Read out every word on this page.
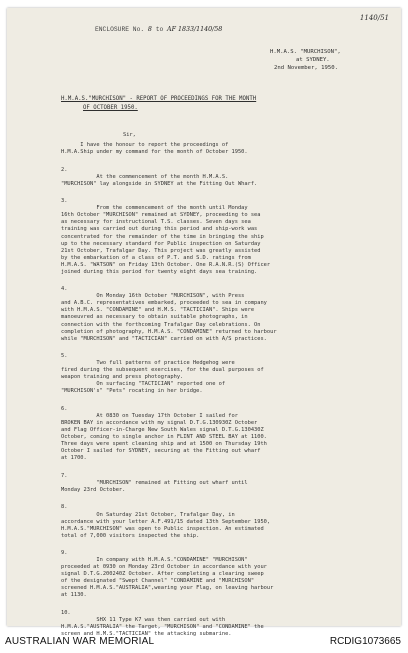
1140/51
ENCLOSURE No. 8 to AF 1833/1140/58
H.M.A.S. "MURCHISON",
at SYDNEY.
2nd November, 1950.
H.M.A.S."MURCHISON" - REPORT OF PROCEEDINGS FOR THE MONTH
OF OCTOBER 1950.
Sir,
I have the honour to report the proceedings of
H.M.A.Ship under my command for the month of October 1950.
2.
At the commencement of the month H.M.A.S.
"MURCHISON" lay alongside in SYDNEY at the Fitting Out Wharf.
3.
From the commencement of the month until Monday
16th October "MURCHISON" remained at SYDNEY, proceeding to sea
as necessary for instructional T.S. classes. Seven days sea
training was carried out during this period and ship-work was
concentrated for the remainder of the time in bringing the ship
up to the necessary standard for Public inspection on Saturday
21st October, Trafalgar Day. This project was greatly assisted
by the embarkation of a class of P.T. and S.D. ratings from
H.M.A.S. "WATSON" on Friday 13th October. One R.A.N.R.(S) Officer
joined during this period for twenty eight days sea training.
4.
On Monday 16th October "MURCHISON", with Press
and A.B.C. representatives embarked, proceeded to sea in company
with H.M.A.S. "CONDAMINE" and H.M.S. "TACTICIAN". Ships were
manoeuvred as necessary to obtain suitable photographs, in
connection with the forthcoming Trafalgar Day celebrations. On
completion of photography, H.M.A.S. "CONDAMINE" returned to harbour
while "MURCHISON" and "TACTICIAN" carried on with A/S practices.
5.
Two full patterns of practice Hedgehog were
fired during the subsequent exercises, for the dual purposes of
weapon training and press photography.
On surfacing "TACTICIAN" reported one of
"MURCHISON's" "Pets" rocating in her bridge.
6.
At 0830 on Tuesday 17th October I sailed for
BROKEN BAY in accordance with my signal D.T.G.130930Z October
and Flag Officer-in-Charge New South Wales signal D.T.G.130430Z
October, coming to single anchor in FLINT AND STEEL BAY at 1100.
Three days were spent cleaning ship and at 1500 on Thursday 19th
October I sailed for SYDNEY, securing at the Fitting out wharf
at 1700.
7.
"MURCHISON" remained at Fitting out wharf until
Monday 23rd October.
8.
On Saturday 21st October, Trafalgar Day, in
accordance with your letter A.F.491/15 dated 13th September 1950,
H.M.A.S."MURCHISON" was open to Public inspection. An estimated
total of 7,000 visitors inspected the ship.
9.
In company with H.M.A.S."CONDAMINE" "MURCHISON"
proceeded at 0930 on Monday 23rd October in accordance with your
signal D.T.G.200240Z October. After completing a clearing sweep
of the designated "Swept Channel" "CONDAMINE and "MURCHISON"
screened H.M.A.S."AUSTRALIA",wearing your Flag, on leaving harbour
at 1130.
10.
SHX 11 Type K7 was then carried out with
H.M.A.S."AUSTRALIA" the Target, "MURCHISON" and "CONDAMINE" the
screen and H.M.S."TACTICIAN" the attacking submarine.
AUSTRALIAN WAR MEMORIAL	RCDIG1073665
